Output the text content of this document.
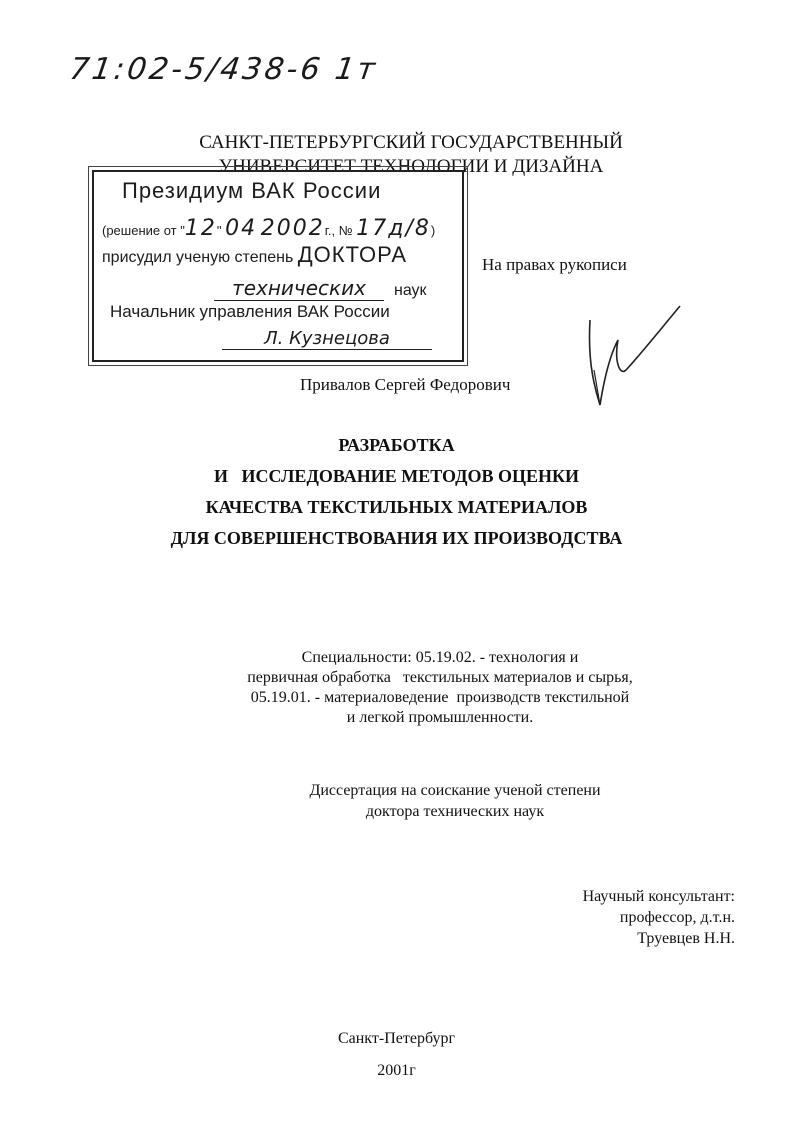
71:02-5/438-6 1т
САНКТ-ПЕТЕРБУРГСКИЙ ГОСУДАРСТВЕННЫЙ
УНИВЕРСИТЕТ ТЕХНОЛОГИИ И ДИЗАЙНА
Президиум ВАК России
(решение от "12" 04 2002г., № 17д/8)
присудил ученую степень ДОКТОРА
технических	наук
Начальник управления ВАК России
Л. Кузнецова
На правах рукописи
Привалов Сергей Федорович
РАЗРАБОТКА
И   ИССЛЕДОВАНИЕ МЕТОДОВ ОЦЕНКИ
КАЧЕСТВА ТЕКСТИЛЬНЫХ МАТЕРИАЛОВ
ДЛЯ СОВЕРШЕНСТВОВАНИЯ ИХ ПРОИЗВОДСТВА
Специальности: 05.19.02. - технология и
первичная обработка   текстильных материалов и сырья,
05.19.01. - материаловедение  производств текстильной
и легкой промышленности.
Диссертация на соискание ученой степени
доктора технических наук
Научный консультант:
профессор, д.т.н.
Труевцев Н.Н.
Санкт-Петербург
2001г
